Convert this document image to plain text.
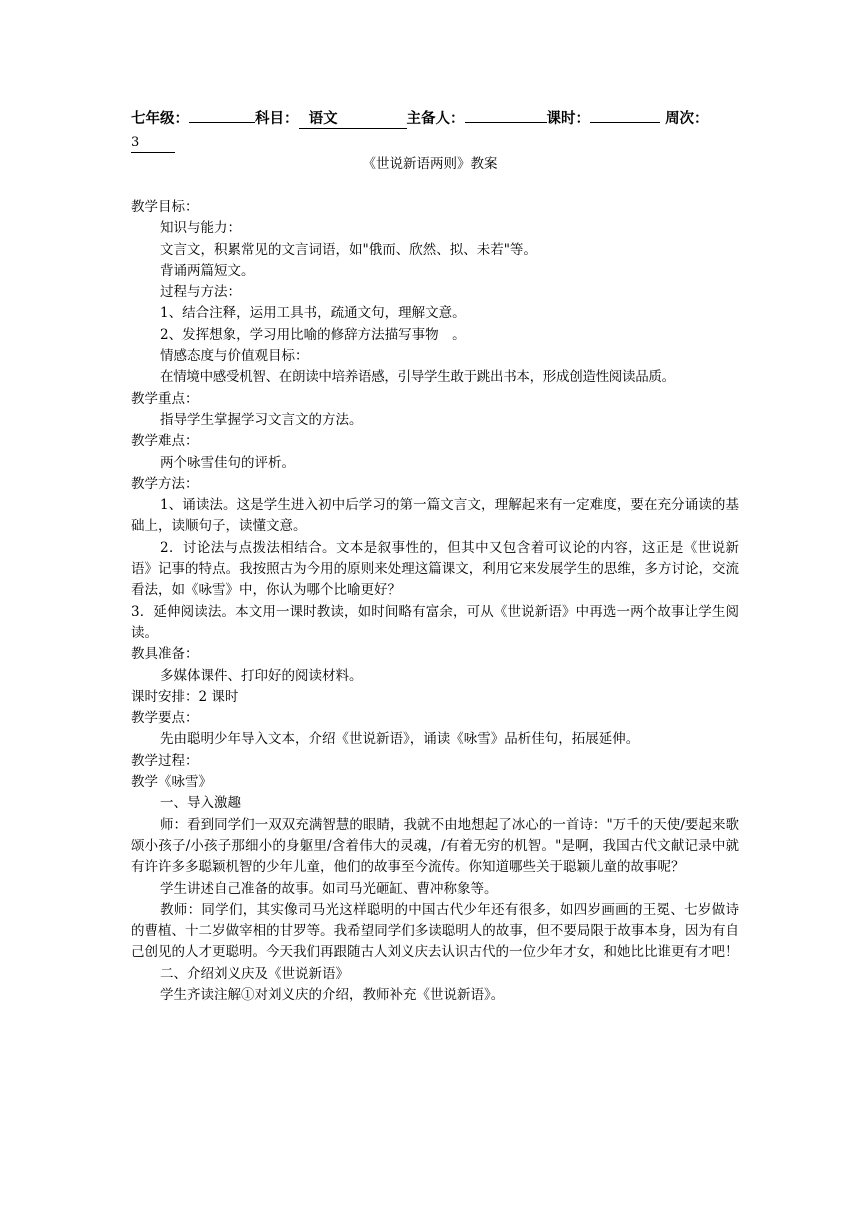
七年级：	科目： 语文	主备人：	课时：	周次：
3
《世说新语两则》教案

教学目标：

知识与能力：

文言文，积累常见的文言词语，如"俄而、欣然、拟、未若"等。

背诵两篇短文。

过程与方法：

1、结合注释，运用工具书，疏通文句，理解文意。

2、发挥想象，学习用比喻的修辞方法描写事物　。

情感态度与价值观目标：

在情境中感受机智、在朗读中培养语感，引导学生敢于跳出书本，形成创造性阅读品质。

教学重点：

指导学生掌握学习文言文的方法。

教学难点：

两个咏雪佳句的评析。

教学方法：

1、诵读法。这是学生进入初中后学习的第一篇文言文，理解起来有一定难度，要在充分诵读的基础上，读顺句子，读懂文意。

2．讨论法与点拨法相结合。文本是叙事性的，但其中又包含着可议论的内容，这正是《世说新语》记事的特点。我按照古为今用的原则来处理这篇课文，利用它来发展学生的思维，多方讨论，交流看法，如《咏雪》中，你认为哪个比喻更好？

3．延伸阅读法。本文用一课时教读，如时间略有富余，可从《世说新语》中再选一两个故事让学生阅读。

教具准备：

多媒体课件、打印好的阅读材料。

课时安排：2 课时

教学要点：

先由聪明少年导入文本，介绍《世说新语》，诵读《咏雪》品析佳句，拓展延伸。

教学过程：

教学《咏雪》

一、导入激趣

师：看到同学们一双双充满智慧的眼睛，我就不由地想起了冰心的一首诗："万千的天使/要起来歌颂小孩子/小孩子那细小的身躯里/含着伟大的灵魂，/有着无穷的机智。"是啊，我国古代文献记录中就有许许多多聪颖机智的少年儿童，他们的故事至今流传。你知道哪些关于聪颖儿童的故事呢？

学生讲述自己准备的故事。如司马光砸缸、曹冲称象等。

教师：同学们，其实像司马光这样聪明的中国古代少年还有很多，如四岁画画的王冕、七岁做诗的曹植、十二岁做宰相的甘罗等。我希望同学们多读聪明人的故事，但不要局限于故事本身，因为有自己创见的人才更聪明。今天我们再跟随古人刘义庆去认识古代的一位少年才女，和她比比谁更有才吧！

二、介绍刘义庆及《世说新语》

学生齐读注解①对刘义庆的介绍，教师补充《世说新语》。
